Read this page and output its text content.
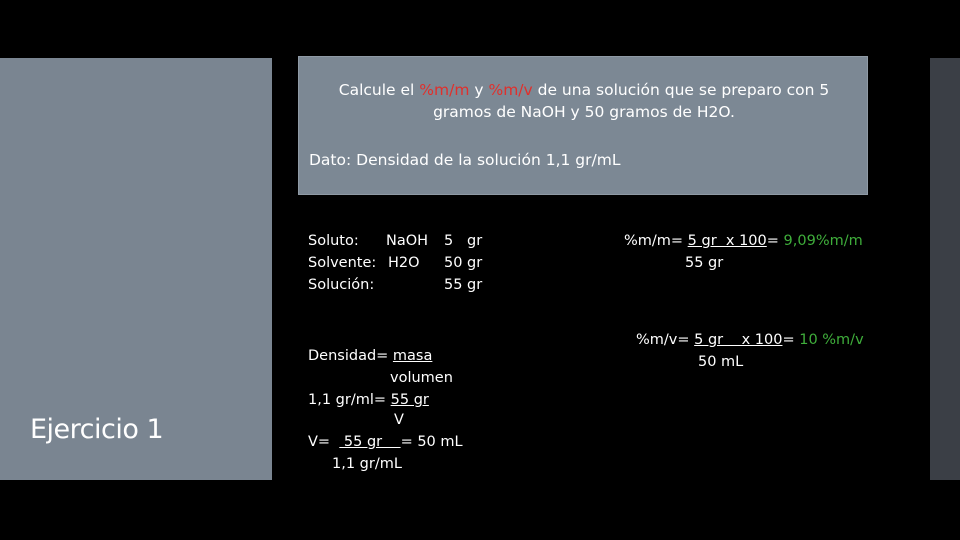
Ejercicio 1
Calcule el %m/m y %m/v de una solución que se preparo con 5
gramos de NaOH y 50 gramos de H2O.
Dato: Densidad de la solución 1,1 gr/mL
Soluto: NaOH 5   gr
Solvente: H2O 50 gr
Solución:	55 gr
Densidad= masa
volumen
1,1 gr/ml= 55 gr
V
V=   55 gr    = 50 mL
1,1 gr/mL
%m/m= 5 gr  x 100= 9,09%m/m
55 gr
%m/v= 5 gr    x 100= 10 %m/v
50 mL
